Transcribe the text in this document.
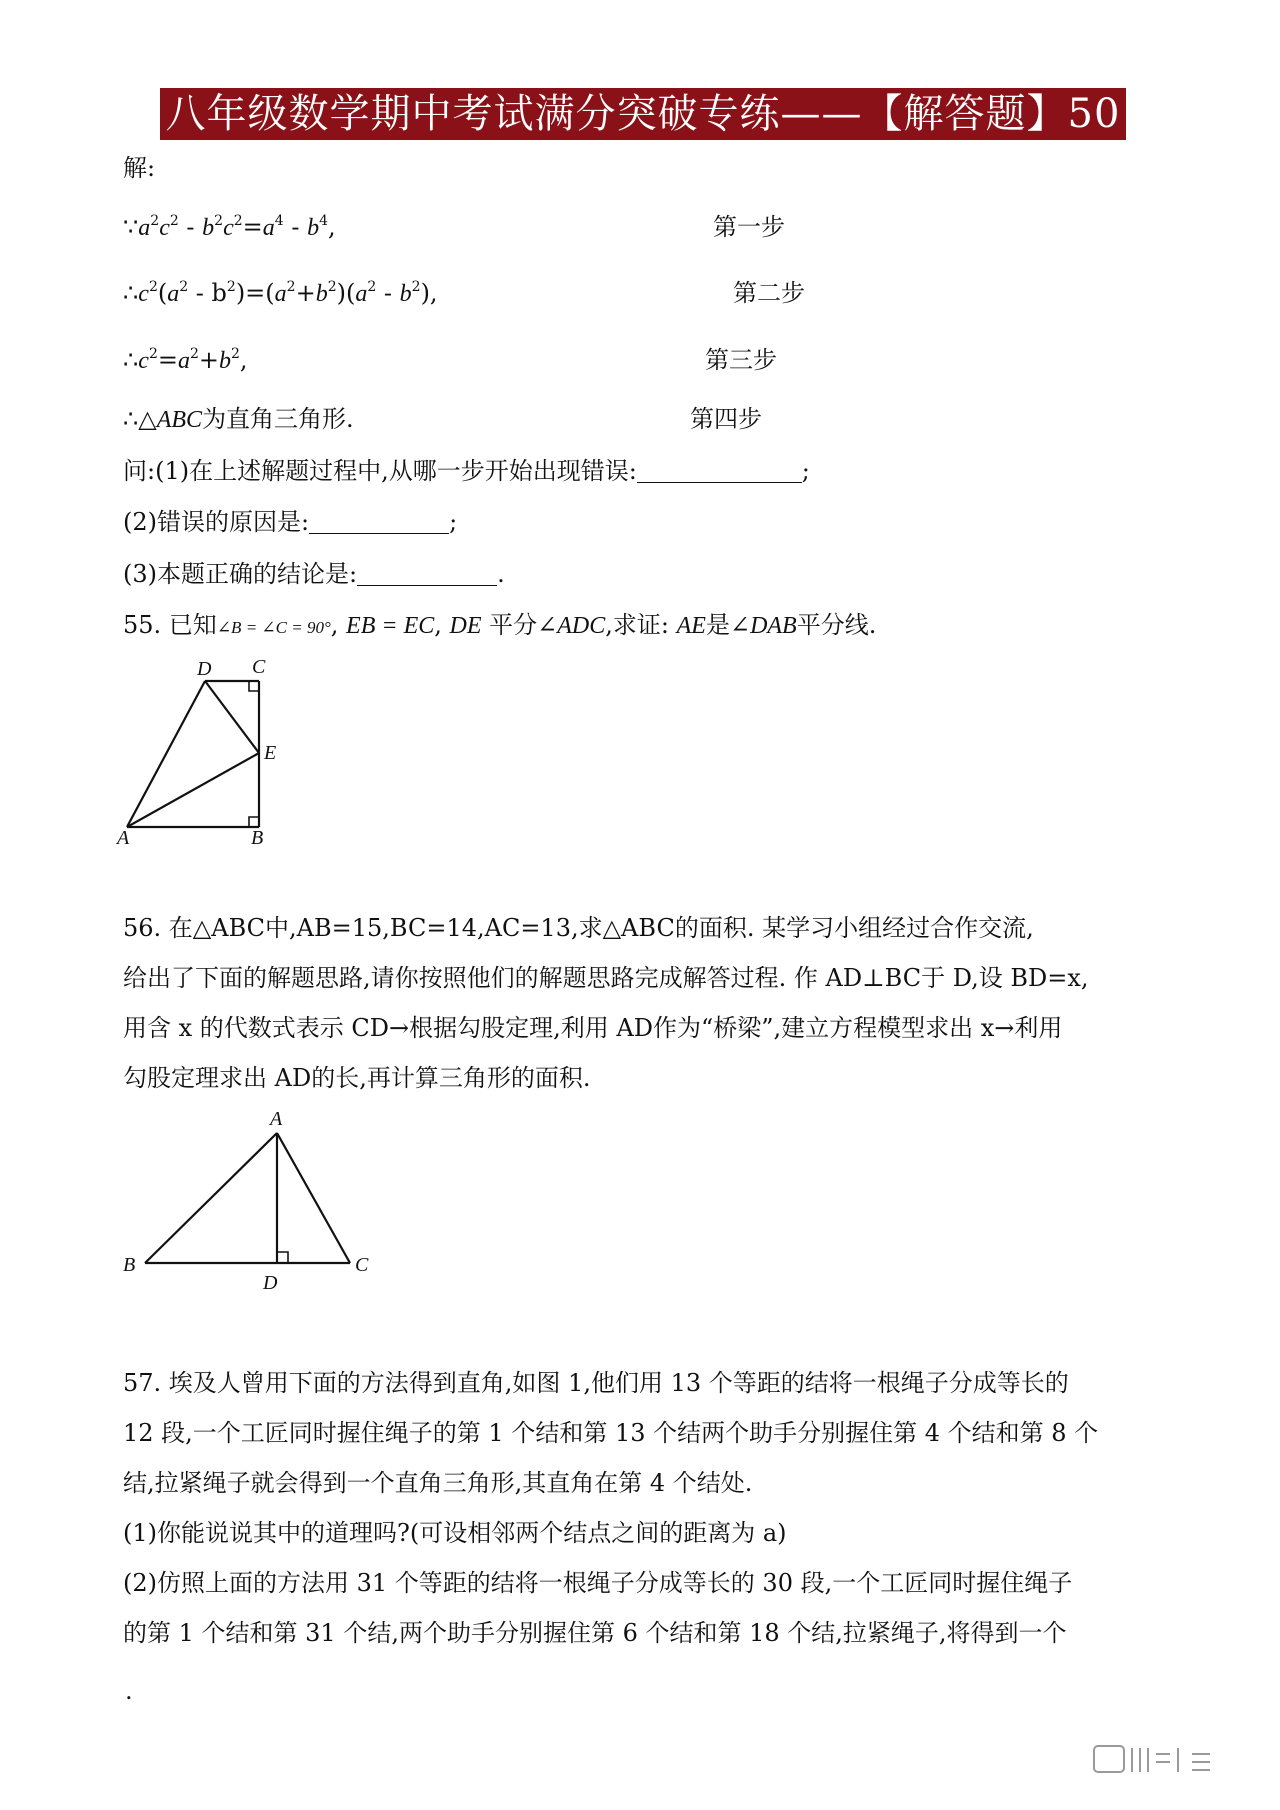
八年级数学期中考试满分突破专练——【解答题】50 题
解:
$\because a^2c^2 - b^2c^2=a^4 - b^4$,	第一步
$\therefore c^2(a^2 - b^2)=(a^2+b^2)(a^2 - b^2)$,	第二步
$\therefore c^2=a^2+b^2$,	第三步
∴△ABC为直角三角形.	第四步
问:(1)在上述解题过程中,从哪一步开始出现错误:	;
(2)错误的原因是:	;
(3)本题正确的结论是:	.
55. 已知∠B = ∠C = 90°, EB = EC, DE 平分∠ADC,求证: AE是∠DAB平分线.
D C
E
A	B
56. 在△ABC中,AB=15,BC=14,AC=13,求△ABC的面积. 某学习小组经过合作交流,
给出了下面的解题思路,请你按照他们的解题思路完成解答过程. 作 AD⊥BC于 D,设 BD=x,
用含 x 的代数式表示 CD→根据勾股定理,利用 AD作为“桥梁”,建立方程模型求出 x→利用
勾股定理求出 AD的长,再计算三角形的面积.
A
B
D
C
57. 埃及人曾用下面的方法得到直角,如图 1,他们用 13 个等距的结将一根绳子分成等长的
12 段,一个工匠同时握住绳子的第 1 个结和第 13 个结两个助手分别握住第 4 个结和第 8 个
结,拉紧绳子就会得到一个直角三角形,其直角在第 4 个结处.
(1)你能说说其中的道理吗?(可设相邻两个结点之间的距离为 a)
(2)仿照上面的方法用 31 个等距的结将一根绳子分成等长的 30 段,一个工匠同时握住绳子
的第 1 个结和第 31 个结,两个助手分别握住第 6 个结和第 18 个结,拉紧绳子,将得到一个
.
